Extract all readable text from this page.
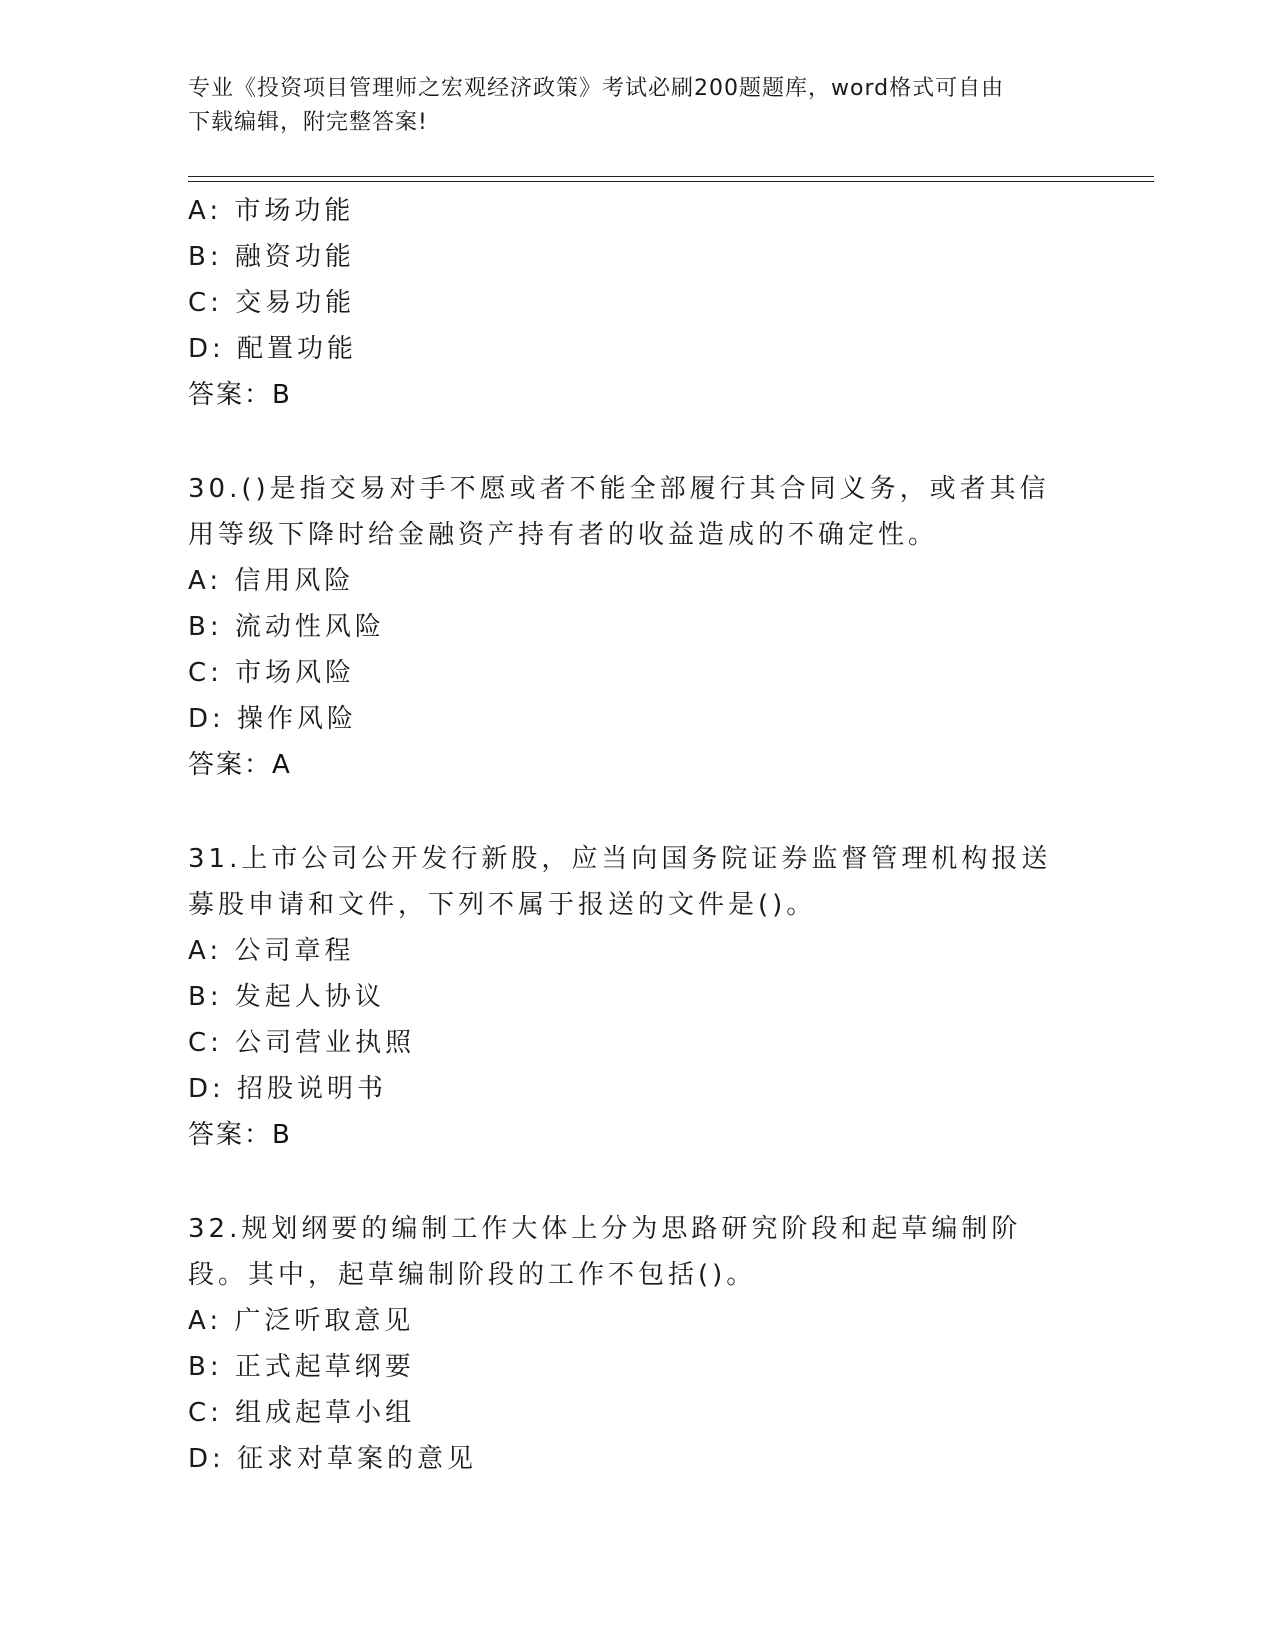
专业《投资项目管理师之宏观经济政策》考试必刷200题题库，word格式可自由
下载编辑，附完整答案!
A: 市场功能
B: 融资功能
C: 交易功能
D: 配置功能
答案：B
30.()是指交易对手不愿或者不能全部履行其合同义务，或者其信用等级下降时给金融资产持有者的收益造成的不确定性。
A: 信用风险
B: 流动性风险
C: 市场风险
D: 操作风险
答案：A
31.上市公司公开发行新股，应当向国务院证券监督管理机构报送募股申请和文件，下列不属于报送的文件是()。
A: 公司章程
B: 发起人协议
C: 公司营业执照
D: 招股说明书
答案：B
32.规划纲要的编制工作大体上分为思路研究阶段和起草编制阶段。其中，起草编制阶段的工作不包括()。
A: 广泛听取意见
B: 正式起草纲要
C: 组成起草小组
D: 征求对草案的意见
